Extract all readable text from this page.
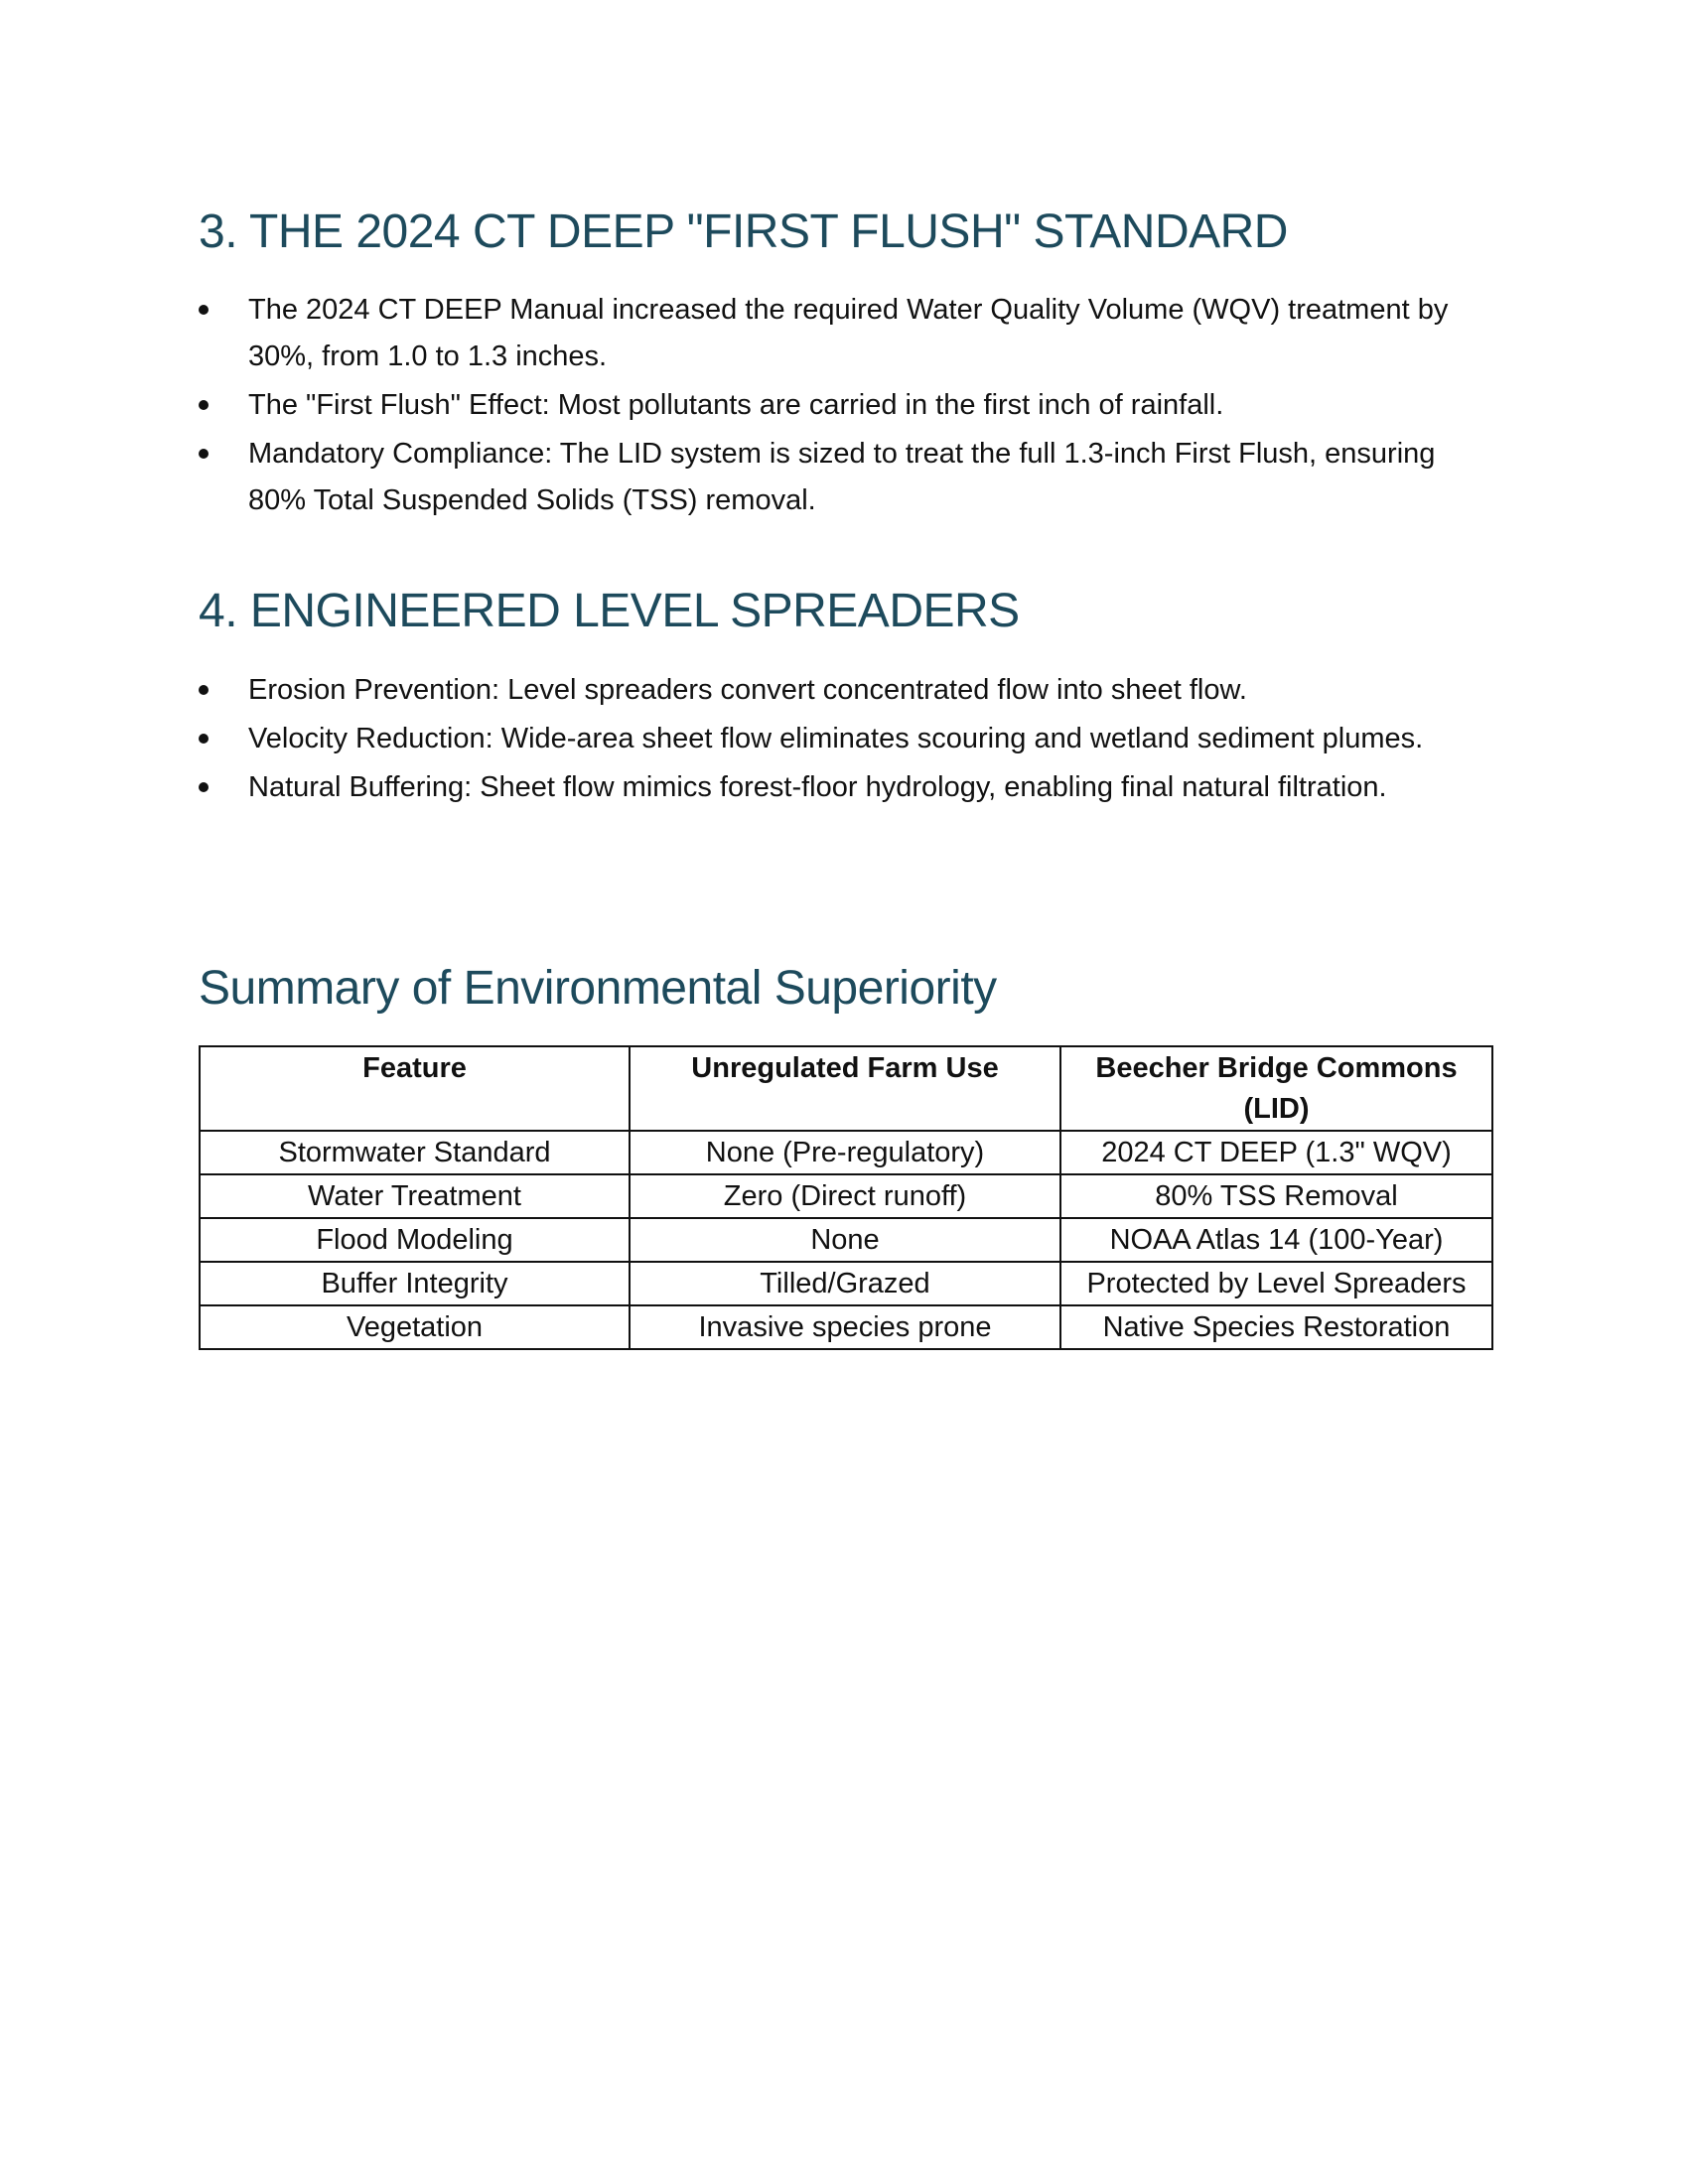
3. THE 2024 CT DEEP "FIRST FLUSH" STANDARD
The 2024 CT DEEP Manual increased the required Water Quality Volume (WQV) treatment by 30%, from 1.0 to 1.3 inches.
The "First Flush" Effect: Most pollutants are carried in the first inch of rainfall.
Mandatory Compliance: The LID system is sized to treat the full 1.3-inch First Flush, ensuring 80% Total Suspended Solids (TSS) removal.
4. ENGINEERED LEVEL SPREADERS
Erosion Prevention: Level spreaders convert concentrated flow into sheet flow.
Velocity Reduction: Wide-area sheet flow eliminates scouring and wetland sediment plumes.
Natural Buffering: Sheet flow mimics forest-floor hydrology, enabling final natural filtration.
Summary of Environmental Superiority
Feature	Unregulated Farm Use	Beecher Bridge Commons (LID)
Stormwater Standard	None (Pre-regulatory)	2024 CT DEEP (1.3" WQV)
Water Treatment	Zero (Direct runoff)	80% TSS Removal
Flood Modeling	None	NOAA Atlas 14 (100-Year)
Buffer Integrity	Tilled/Grazed	Protected by Level Spreaders
Vegetation	Invasive species prone	Native Species Restoration
